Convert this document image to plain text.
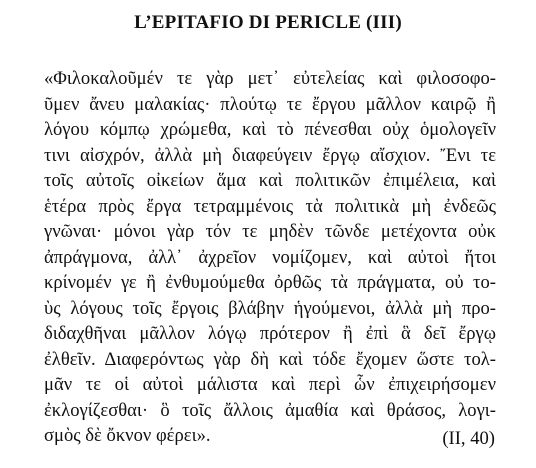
L’EPITAFIO DI PERICLE (III)
«Φιλοκαλοῦμέν τε γὰρ μετ᾽ εὐτελείας καὶ φιλοσοφο-
ῦμεν ἄνευ μαλακίας· πλούτῳ τε ἔργου μᾶλλον καιρῷ ἢ
λόγου κόμπῳ χρώμεθα, καὶ τὸ πένεσθαι οὐχ ὁμολογεῖν
τινι αἰσχρόν, ἀλλὰ μὴ διαφεύγειν ἔργῳ αἴσχιον. Ἔνι τε
τοῖς αὐτοῖς οἰκείων ἅμα καὶ πολιτικῶν ἐπιμέλεια, καὶ
ἑτέρα πρὸς ἔργα τετραμμένοις τὰ πολιτικὰ μὴ ἐνδεῶς
γνῶναι· μόνοι γὰρ τόν τε μηδὲν τῶνδε μετέχοντα οὐκ
ἀπράγμονα, ἀλλ᾽ ἀχρεῖον νομίζομεν, καὶ αὐτοὶ ἤτοι
κρίνομέν γε ἢ ἐνθυμούμεθα ὀρθῶς τὰ πράγματα, οὐ το-
ὺς λόγους τοῖς ἔργοις βλάβην ἡγούμενοι, ἀλλὰ μὴ προ-
διδαχθῆναι μᾶλλον λόγῳ πρότερον ἢ ἐπὶ ἃ δεῖ ἔργῳ
ἐλθεῖν. Διαφερόντως γὰρ δὴ καὶ τόδε ἔχομεν ὥστε τολ-
μᾶν τε οἱ αὐτοὶ μάλιστα καὶ περὶ ὧν ἐπιχειρήσομεν
ἐκλογίζεσθαι· ὃ τοῖς ἄλλοις ἀμαθία καὶ θράσος, λογι-
σμὸς δὲ ὄκνον φέρει».	(II, 40)
